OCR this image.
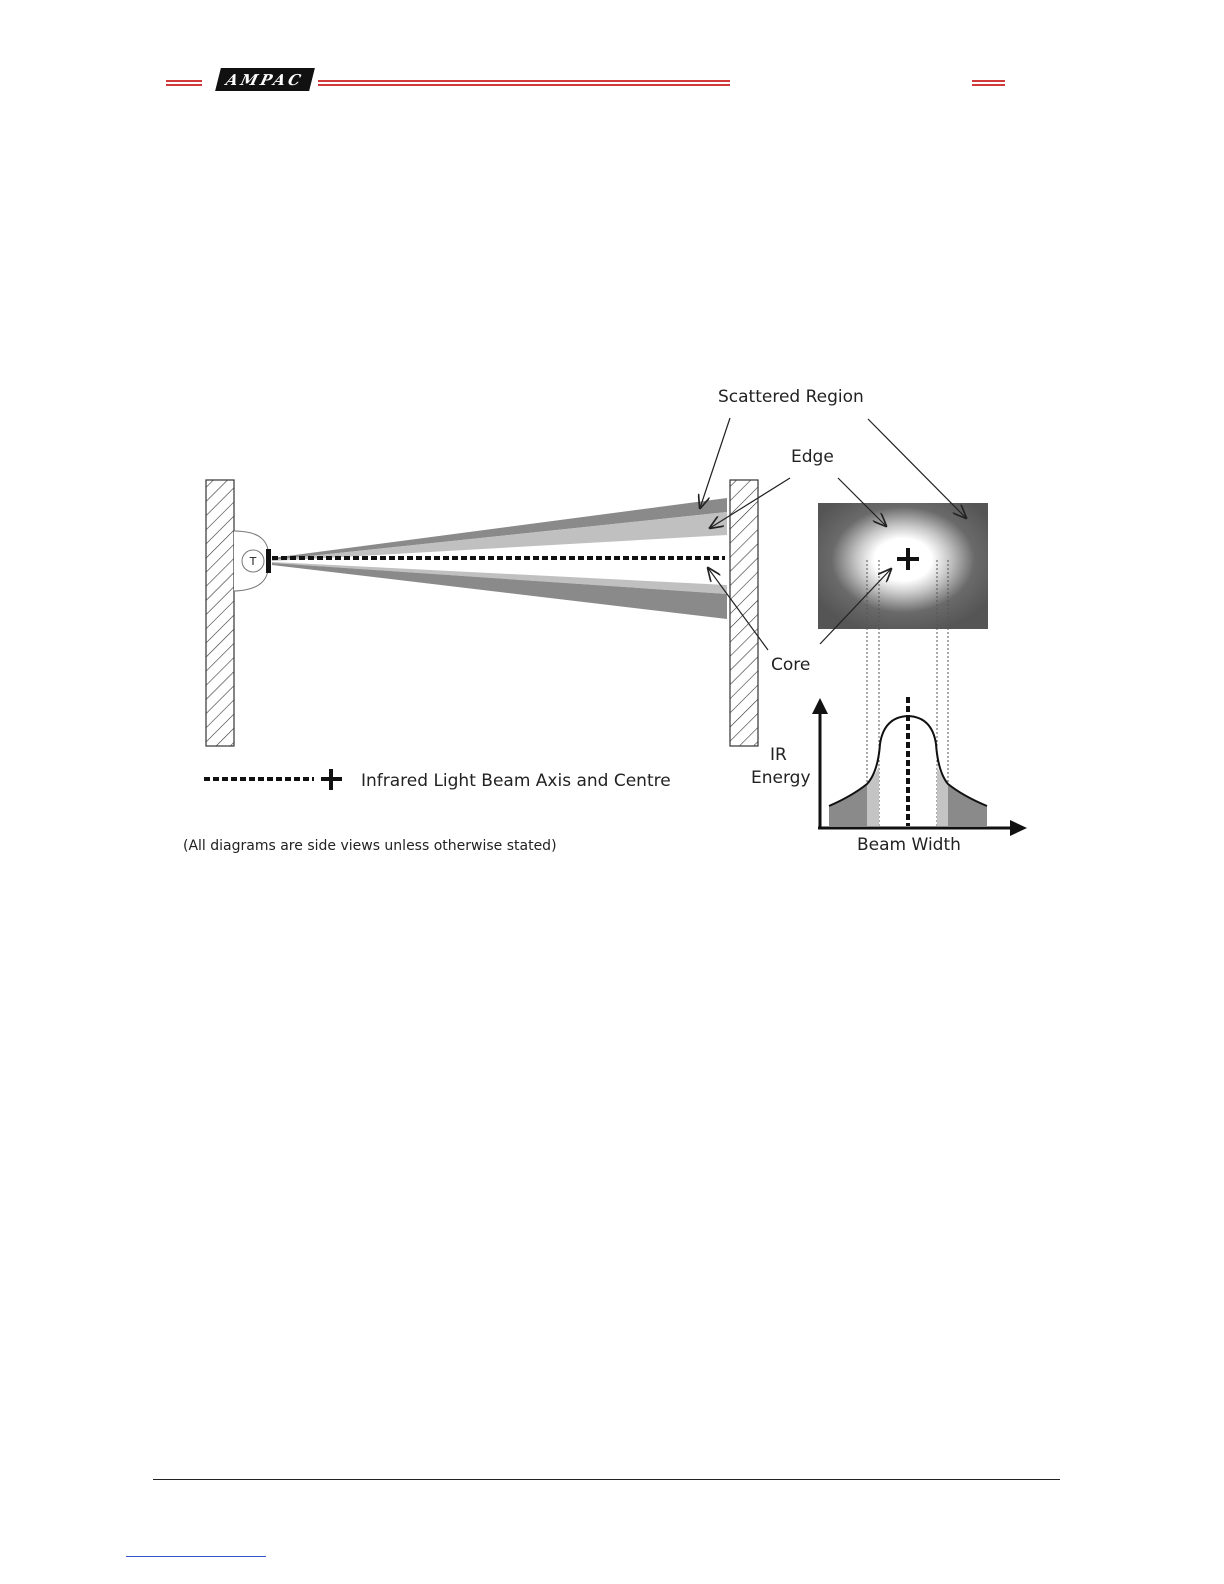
AMPAC
T
Scattered Region
Edge
Core
IR
Energy
Beam Width
Infrared Light Beam Axis and Centre
(All diagrams are side views unless otherwise stated)
